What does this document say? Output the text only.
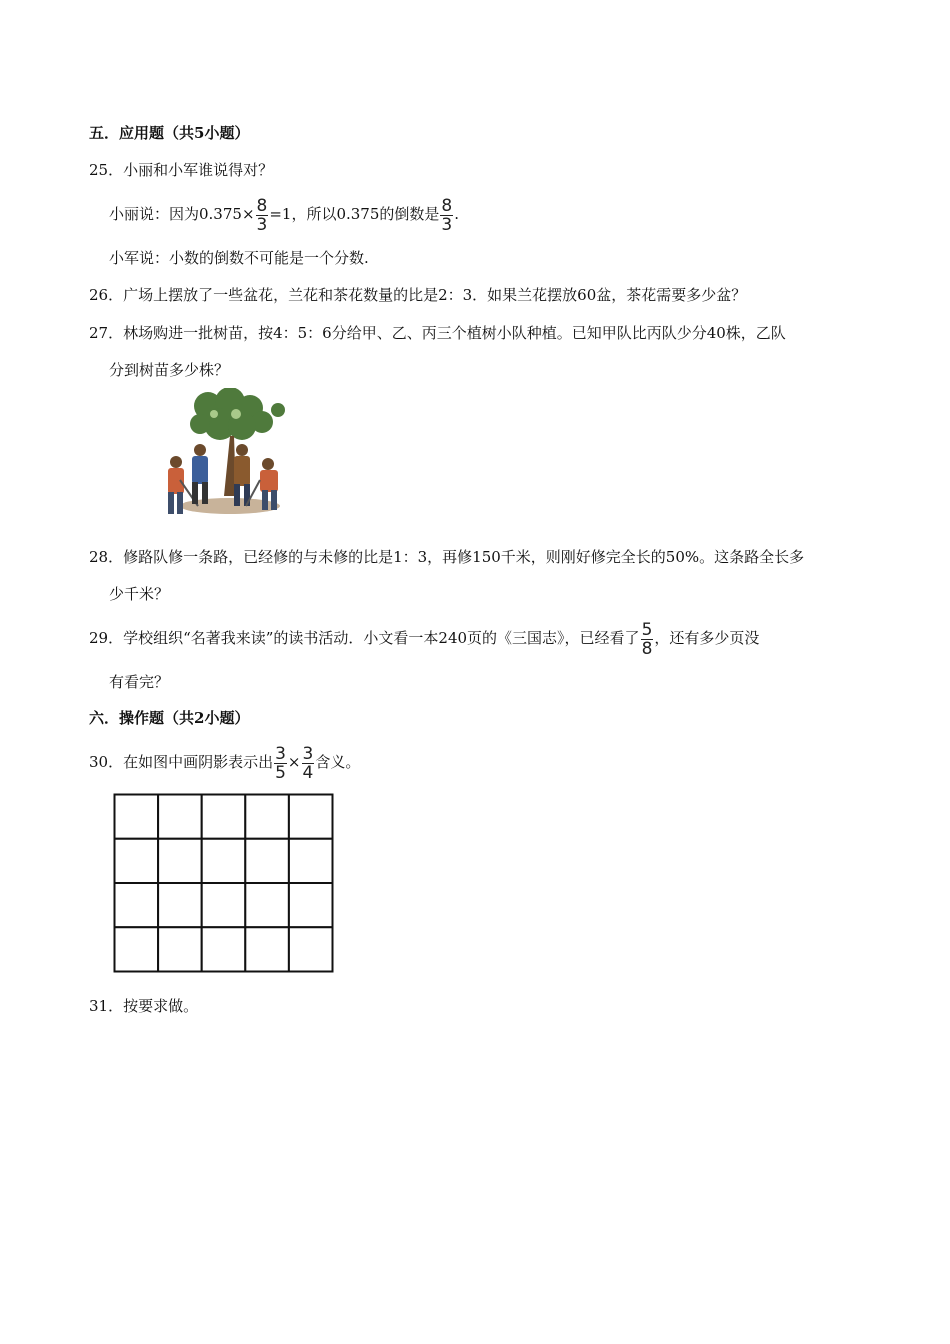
五．应用题（共5小题）
25．小丽和小军谁说得对？
小丽说：因为$0.375\times \frac{8}{3} =1$，所以0.375的倒数是 $\frac{8}{3}$ .
小军说：小数的倒数不可能是一个分数.
26．广场上摆放了一些盆花，兰花和茶花数量的比是2：3．如果兰花摆放60盆，茶花需要多少盆？
27．林场购进一批树苗，按4：5：6分给甲、乙、丙三个植树小队种植。已知甲队比丙队少分40株，乙队
分到树苗多少株？
28．修路队修一条路，已经修的与未修的比是1：3，再修150千米，则刚好修完全长的50%。这条路全长多
少千米？
29．学校组织“名著我来读”的读书活动．小文看一本240页的《三国志》，已经看了 $\frac{5}{8}$ ，还有多少页没
有看完？
六．操作题（共2小题）
30．在如图中画阴影表示出 $\frac{3}{5} \times \frac{3}{4}$ 含义。
31．按要求做。
